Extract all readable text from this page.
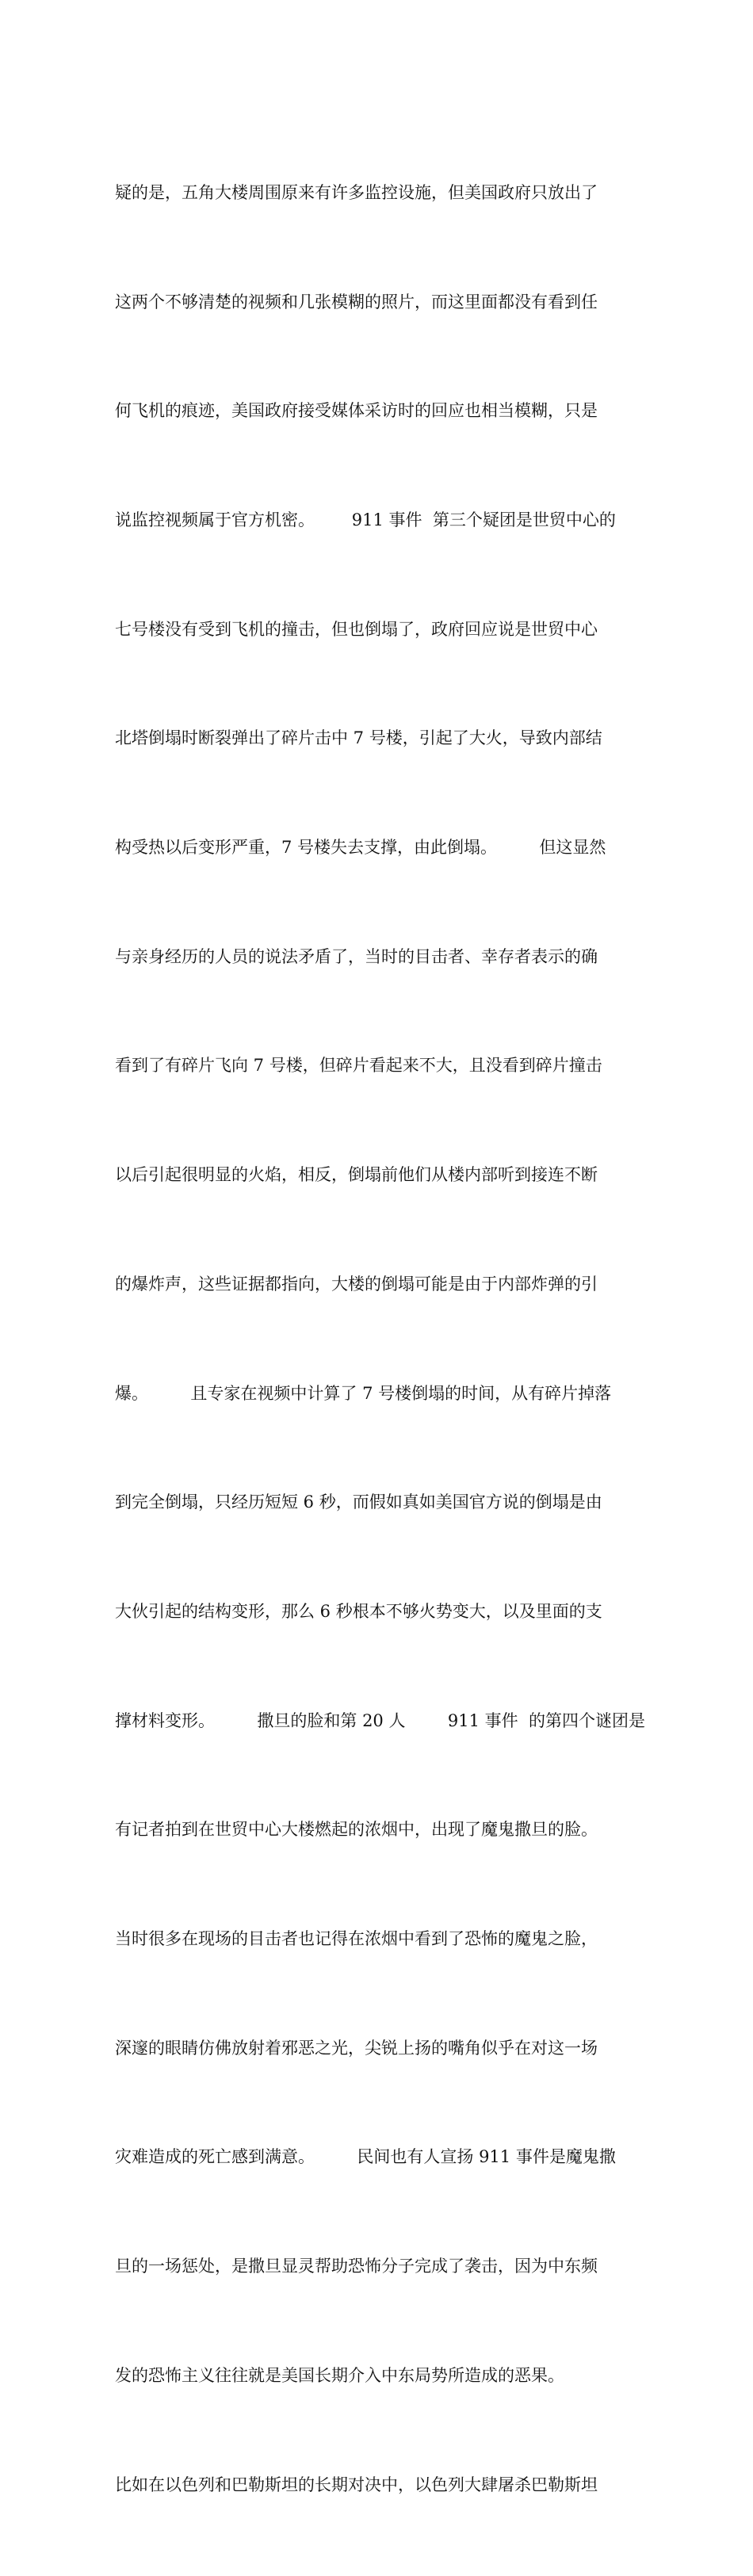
疑的是，五角大楼周围原来有许多监控设施，但美国政府只放出了

这两个不够清楚的视频和几张模糊的照片，而这里面都没有看到任

何飞机的痕迹，美国政府接受媒体采访时的回应也相当模糊，只是

说监控视频属于官方机密。       911 事件  第三个疑团是世贸中心的

七号楼没有受到飞机的撞击，但也倒塌了，政府回应说是世贸中心

北塔倒塌时断裂弹出了碎片击中 7 号楼，引起了大火，导致内部结

构受热以后变形严重，7 号楼失去支撑，由此倒塌。        但这显然

与亲身经历的人员的说法矛盾了，当时的目击者、幸存者表示的确

看到了有碎片飞向 7 号楼，但碎片看起来不大，且没看到碎片撞击

以后引起很明显的火焰，相反，倒塌前他们从楼内部听到接连不断

的爆炸声，这些证据都指向，大楼的倒塌可能是由于内部炸弹的引

爆。        且专家在视频中计算了 7 号楼倒塌的时间，从有碎片掉落

到完全倒塌，只经历短短 6 秒，而假如真如美国官方说的倒塌是由

大伙引起的结构变形，那么 6 秒根本不够火势变大，以及里面的支

撑材料变形。        撒旦的脸和第 20 人        911 事件  的第四个谜团是

有记者拍到在世贸中心大楼燃起的浓烟中，出现了魔鬼撒旦的脸。

当时很多在现场的目击者也记得在浓烟中看到了恐怖的魔鬼之脸，

深邃的眼睛仿佛放射着邪恶之光，尖锐上扬的嘴角似乎在对这一场

灾难造成的死亡感到满意。        民间也有人宣扬 911 事件是魔鬼撒

旦的一场惩处，是撒旦显灵帮助恐怖分子完成了袭击，因为中东频

发的恐怖主义往往就是美国长期介入中东局势所造成的恶果。

比如在以色列和巴勒斯坦的长期对决中，以色列大肆屠杀巴勒斯坦
